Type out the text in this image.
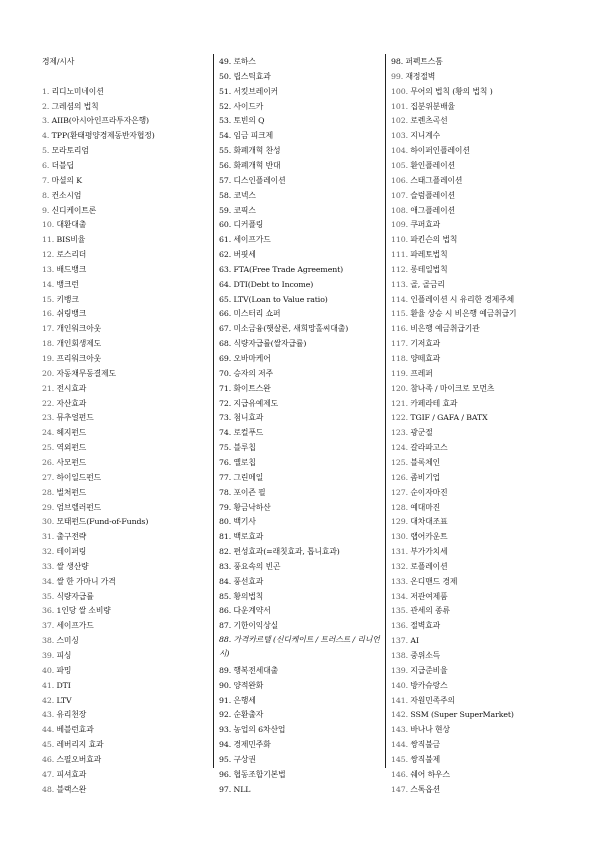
경제/시사
1. 리디노미네이션
2. 그레셤의 법칙
3. AIIB(아시아인프라투자은행)
4. TPP(환태평양경제동반자협정)
5. 모라토리엄
6. 더블딥
7. 마셜의 K
8. 컨소시엄
9. 신디케이트론
10. 대환대출
11. BIS비율
12. 로스리더
13. 배드뱅크
14. 뱅크런
15. 키뱅크
16. 쉬링뱅크
17. 개인워크아웃
18. 개인회생제도
19. 프리워크아웃
20. 자동채무동결제도
21. 전시효과
22. 자산효과
23. 뮤추얼펀드
24. 헤지펀드
25. 역외펀드
26. 사모펀드
27. 하이일드펀드
28. 벌처펀드
29. 엄브렐러펀드
30. 모태펀드(Fund-of-Funds)
31. 출구전략
32. 테이퍼링
33. 쌀 생산량
34. 쌀 한 가마니 가격
35. 식량자급률
36. 1인당 쌀 소비량
37. 세이프가드
38. 스미싱
39. 피싱
40. 파밍
41. DTI
42. LTV
43. 유리천장
44. 베블런효과
45. 레버리지 효과
46. 스필오버효과
47. 피셔효과
48. 블랙스완
49. 로하스
50. 립스틱효과
51. 서킷브레이커
52. 사이드카
53. 토빈의 Q
54. 임금 피크제
55. 화폐개혁 찬성
56. 화폐개혁 반대
57. 디스인플레이션
58. 코넥스
59. 코픽스
60. 디커플링
61. 세이프가드
62. 버핏세
63. FTA(Free Trade Agreement)
64. DTI(Debt to Income)
65. LTV(Loan to Value ratio)
66. 미스터리 쇼퍼
67. 미소금융(햇살론, 새희망홀씨대출)
68. 식량자급률(쌀자급률)
69. 오바마케어
70. 승자의 저주
71. 화이트스완
72. 지급유예제도
73. 첨니효과
74. 로컬푸드
75. 블루칩
76. 옐로칩
77. 그린메일
78. 포이즌 필
79. 황금낙하산
80. 백기사
81. 백로효과
82. 편성효과(=래칫효과, 톱니효과)
83. 풍요속의 빈곤
84. 풍선효과
85. 황의법칙
86. 다운계약서
87. 기한이익상실
88. 가격카르텔 (신디케이트 / 트러스트 / 리니언시)
89. 행복전세대출
90. 양적완화
91. 은행세
92. 순환출자
93. 농업의 6차산업
94. 경제민주화
95. 구상권
96. 협동조합기본법
97. NLL
98. 퍼펙트스톰
99. 재정절벽
100. 무어의 법칙 (황의 법칙 )
101. 집분위분배율
102. 로렌츠곡선
103. 지니계수
104. 하이퍼인플레이션
105. 환인플레이션
106. 스태그플레이션
107. 슬럼플레이션
108. 애그플레이션
109. 쿠퍼효과
110. 파킨슨의 법칙
111. 파레토법칙
112. 롱테일법칙
113. 골, 골금리
114. 인플레이션 시 유리한 경제주체
115. 환율 상승 시 비은행 예금취급기
116. 비은행 예금취급기관
117. 기저효과
118. 양떼효과
119. 프레퍼
120. 참나족 / 마이크로 모먼츠
121. 카페라테 효과
122. TGIF / GAFA / BATX
123. 광군절
124. 갈라파고스
125. 블록체인
126. 좀비기업
127. 순이자마진
128. 예대마진
129. 대차대조표
130. 랩어카운트
131. 부가가치세
132. 로플레이션
133. 온디맨드 경제
134. 저관여제품
135. 관세의 종류
136. 절벽효과
137. AI
138. 중위소득
139. 지급준비율
140. 방카슈랑스
141. 자원민족주의
142. SSM (Super SuperMarket)
143. 바나나 현상
144. 쌍직불금
145. 쌍직불제
146. 쉐어 하우스
147. 스톡옵션
